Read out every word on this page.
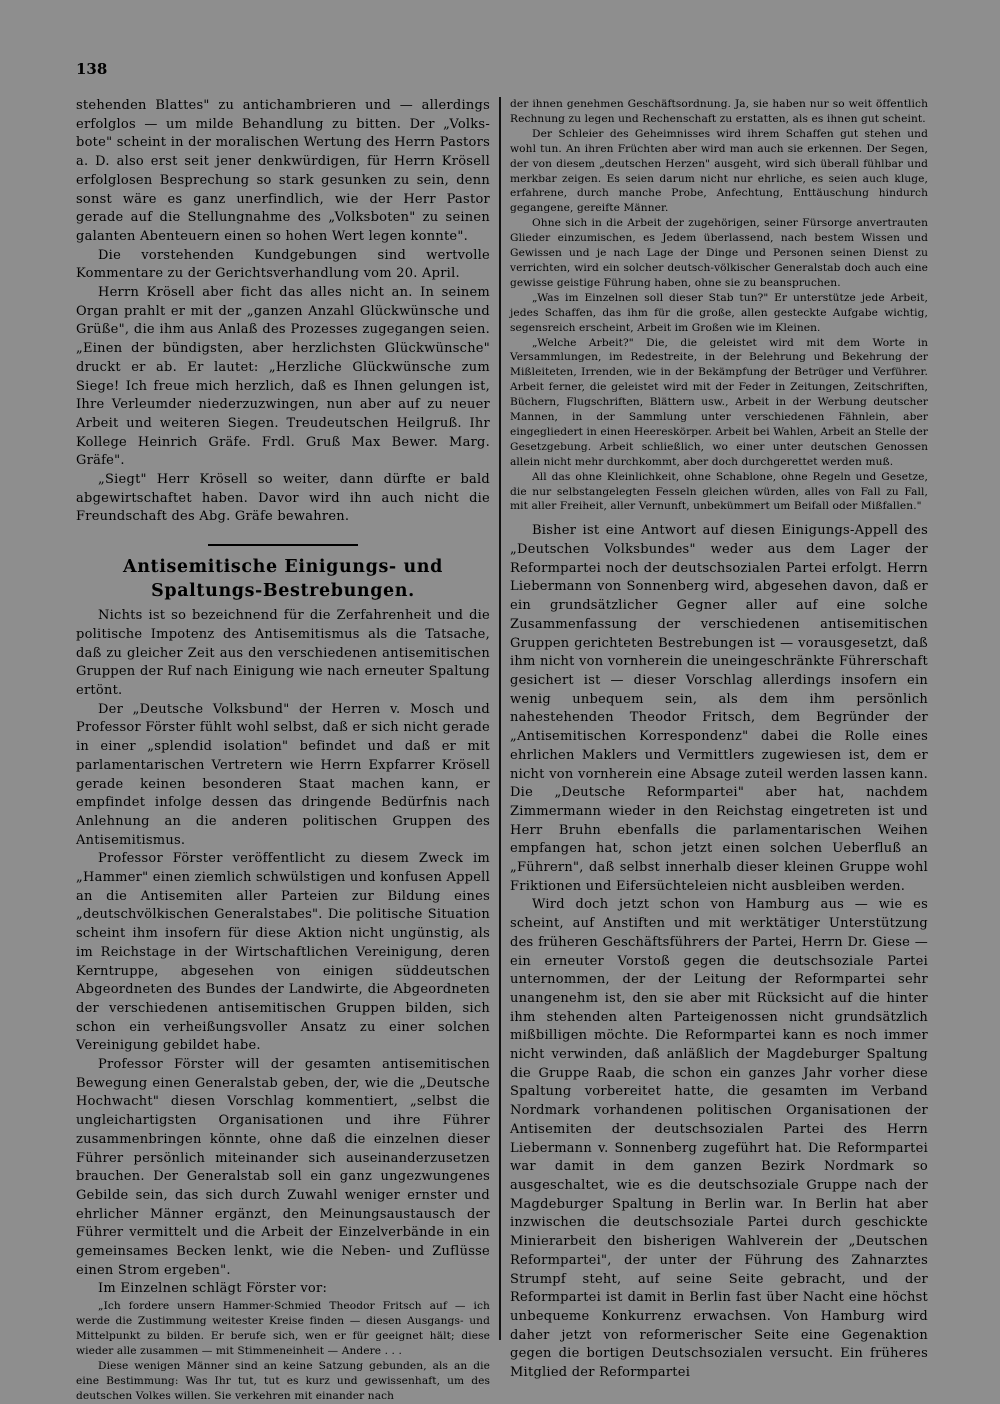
138

stehenden Blattes" zu antichambrieren und — allerdings erfolglos — um milde Behandlung zu bitten. Der „Volks-bote" scheint in der moralischen Wertung des Herrn Pastors a. D. also erst seit jener denkwürdigen, für Herrn Krösell erfolglosen Besprechung so stark gesunken zu sein, denn sonst wäre es ganz unerfindlich, wie der Herr Pastor gerade auf die Stellungnahme des „Volksboten" zu seinen galanten Abenteuern einen so hohen Wert legen konnte".

Die vorstehenden Kundgebungen sind wertvolle Kommentare zu der Gerichtsverhandlung vom 20. April.

Herrn Krösell aber ficht das alles nicht an. In seinem Organ prahlt er mit der „ganzen Anzahl Glückwünsche und Grüße", die ihm aus Anlaß des Prozesses zugegangen seien. „Einen der bündigsten, aber herzlichsten Glückwünsche" druckt er ab. Er lautet: „Herzliche Glückwünsche zum Siege! Ich freue mich herzlich, daß es Ihnen gelungen ist, Ihre Verleumder niederzuzwingen, nun aber auf zu neuer Arbeit und weiteren Siegen. Treudeutschen Heilgruß. Ihr Kollege Heinrich Gräfe. Frdl. Gruß Max Bewer. Marg. Gräfe".

„Siegt" Herr Krösell so weiter, dann dürfte er bald abgewirtschaftet haben. Davor wird ihn auch nicht die Freundschaft des Abg. Gräfe bewahren.

Antisemitische Einigungs- und Spaltungs-Bestrebungen.

Nichts ist so bezeichnend für die Zerfahrenheit und die politische Impotenz des Antisemitismus als die Tatsache, daß zu gleicher Zeit aus den verschiedenen antisemitischen Gruppen der Ruf nach Einigung wie nach erneuter Spaltung ertönt.

Der „Deutsche Volksbund" der Herren v. Mosch und Professor Förster fühlt wohl selbst, daß er sich nicht gerade in einer „splendid isolation" befindet und daß er mit parlamentarischen Vertretern wie Herrn Expfarrer Krösell gerade keinen besonderen Staat machen kann, er empfindet infolge dessen das dringende Bedürfnis nach Anlehnung an die anderen politischen Gruppen des Antisemitismus.

Professor Förster veröffentlicht zu diesem Zweck im „Hammer" einen ziemlich schwülstigen und konfusen Appell an die Antisemiten aller Parteien zur Bildung eines „deutschvölkischen Generalstabes". Die politische Situation scheint ihm insofern für diese Aktion nicht ungünstig, als im Reichstage in der Wirtschaftlichen Vereinigung, deren Kerntruppe, abgesehen von einigen süddeutschen Abgeordneten des Bundes der Landwirte, die Abgeordneten der verschiedenen antisemitischen Gruppen bilden, sich schon ein verheißungsvoller Ansatz zu einer solchen Vereinigung gebildet habe.

Professor Förster will der gesamten antisemitischen Bewegung einen Generalstab geben, der, wie die „Deutsche Hochwacht" diesen Vorschlag kommentiert, „selbst die ungleichartigsten Organisationen und ihre Führer zusammenbringen könnte, ohne daß die einzelnen dieser Führer persönlich miteinander sich auseinanderzusetzen brauchen. Der Generalstab soll ein ganz ungezwungenes Gebilde sein, das sich durch Zuwahl weniger ernster und ehrlicher Männer ergänzt, den Meinungsaustausch der Führer vermittelt und die Arbeit der Einzelverbände in ein gemeinsames Becken lenkt, wie die Neben- und Zuflüsse einen Strom ergeben".

Im Einzelnen schlägt Förster vor:

„Ich fordere unsern Hammer-Schmied Theodor Fritsch auf — ich werde die Zustimmung weitester Kreise finden — diesen Ausgangs- und Mittelpunkt zu bilden. Er berufe sich, wen er für geeignet hält; diese wieder alle zusammen — mit Stimmeneinheit — Andere . . .

Diese wenigen Männer sind an keine Satzung gebunden, als an die eine Bestimmung: Was Ihr tut, tut es kurz und gewissenhaft, um des deutschen Volkes willen. Sie verkehren mit einander nach

der ihnen genehmen Geschäftsordnung. Ja, sie haben nur so weit öffentlich Rechnung zu legen und Rechenschaft zu erstatten, als es ihnen gut scheint.

Der Schleier des Geheimnisses wird ihrem Schaffen gut stehen und wohl tun. An ihren Früchten aber wird man auch sie erkennen. Der Segen, der von diesem „deutschen Herzen" ausgeht, wird sich überall fühlbar und merkbar zeigen. Es seien darum nicht nur ehrliche, es seien auch kluge, erfahrene, durch manche Probe, Anfechtung, Enttäuschung hindurch gegangene, gereifte Männer.

Ohne sich in die Arbeit der zugehörigen, seiner Fürsorge anvertrauten Glieder einzumischen, es Jedem überlassend, nach bestem Wissen und Gewissen und je nach Lage der Dinge und Personen seinen Dienst zu verrichten, wird ein solcher deutsch-völkischer Generalstab doch auch eine gewisse geistige Führung haben, ohne sie zu beanspruchen.

„Was im Einzelnen soll dieser Stab tun?" Er unterstütze jede Arbeit, jedes Schaffen, das ihm für die große, allen gesteckte Aufgabe wichtig, segensreich erscheint, Arbeit im Großen wie im Kleinen.

„Welche Arbeit?" Die, die geleistet wird mit dem Worte in Versammlungen, im Redestreite, in der Belehrung und Bekehrung der Mißleiteten, Irrenden, wie in der Bekämpfung der Betrüger und Verführer. Arbeit ferner, die geleistet wird mit der Feder in Zeitungen, Zeitschriften, Büchern, Flugschriften, Blättern usw., Arbeit in der Werbung deutscher Mannen, in der Sammlung unter verschiedenen Fähnlein, aber eingegliedert in einen Heereskörper. Arbeit bei Wahlen, Arbeit an Stelle der Gesetzgebung. Arbeit schließlich, wo einer unter deutschen Genossen allein nicht mehr durchkommt, aber doch durchgerettet werden muß.

All das ohne Kleinlichkeit, ohne Schablone, ohne Regeln und Gesetze, die nur selbstangelegten Fesseln gleichen würden, alles von Fall zu Fall, mit aller Freiheit, aller Vernunft, unbekümmert um Beifall oder Mißfallen."

Bisher ist eine Antwort auf diesen Einigungs-Appell des „Deutschen Volksbundes" weder aus dem Lager der Reformpartei noch der deutschsozialen Partei erfolgt. Herrn Liebermann von Sonnenberg wird, abgesehen davon, daß er ein grundsätzlicher Gegner aller auf eine solche Zusammenfassung der verschiedenen antisemitischen Gruppen gerichteten Bestrebungen ist — vorausgesetzt, daß ihm nicht von vornherein die uneingeschränkte Führerschaft gesichert ist — dieser Vorschlag allerdings insofern ein wenig unbequem sein, als dem ihm persönlich nahestehenden Theodor Fritsch, dem Begründer der „Antisemitischen Korrespondenz" dabei die Rolle eines ehrlichen Maklers und Vermittlers zugewiesen ist, dem er nicht von vornherein eine Absage zuteil werden lassen kann. Die „Deutsche Reformpartei" aber hat, nachdem Zimmermann wieder in den Reichstag eingetreten ist und Herr Bruhn ebenfalls die parlamentarischen Weihen empfangen hat, schon jetzt einen solchen Ueberfluß an „Führern", daß selbst innerhalb dieser kleinen Gruppe wohl Friktionen und Eifersüchteleien nicht ausbleiben werden.

Wird doch jetzt schon von Hamburg aus — wie es scheint, auf Anstiften und mit werktätiger Unterstützung des früheren Geschäftsführers der Partei, Herrn Dr. Giese — ein erneuter Vorstoß gegen die deutschsoziale Partei unternommen, der der Leitung der Reformpartei sehr unangenehm ist, den sie aber mit Rücksicht auf die hinter ihm stehenden alten Parteigenossen nicht grundsätzlich mißbilligen möchte. Die Reformpartei kann es noch immer nicht verwinden, daß anläßlich der Magdeburger Spaltung die Gruppe Raab, die schon ein ganzes Jahr vorher diese Spaltung vorbereitet hatte, die gesamten im Verband Nordmark vorhandenen politischen Organisationen der Antisemiten der deutschsozialen Partei des Herrn Liebermann v. Sonnenberg zugeführt hat. Die Reformpartei war damit in dem ganzen Bezirk Nordmark so ausgeschaltet, wie es die deutschsoziale Gruppe nach der Magdeburger Spaltung in Berlin war. In Berlin hat aber inzwischen die deutschsoziale Partei durch geschickte Minierarbeit den bisherigen Wahlverein der „Deutschen Reformpartei", der unter der Führung des Zahnarztes Strumpf steht, auf seine Seite gebracht, und der Reformpartei ist damit in Berlin fast über Nacht eine höchst unbequeme Konkurrenz erwachsen. Von Hamburg wird daher jetzt von reformerischer Seite eine Gegenaktion gegen die bortigen Deutschsozialen versucht. Ein früheres Mitglied der Reformpartei
